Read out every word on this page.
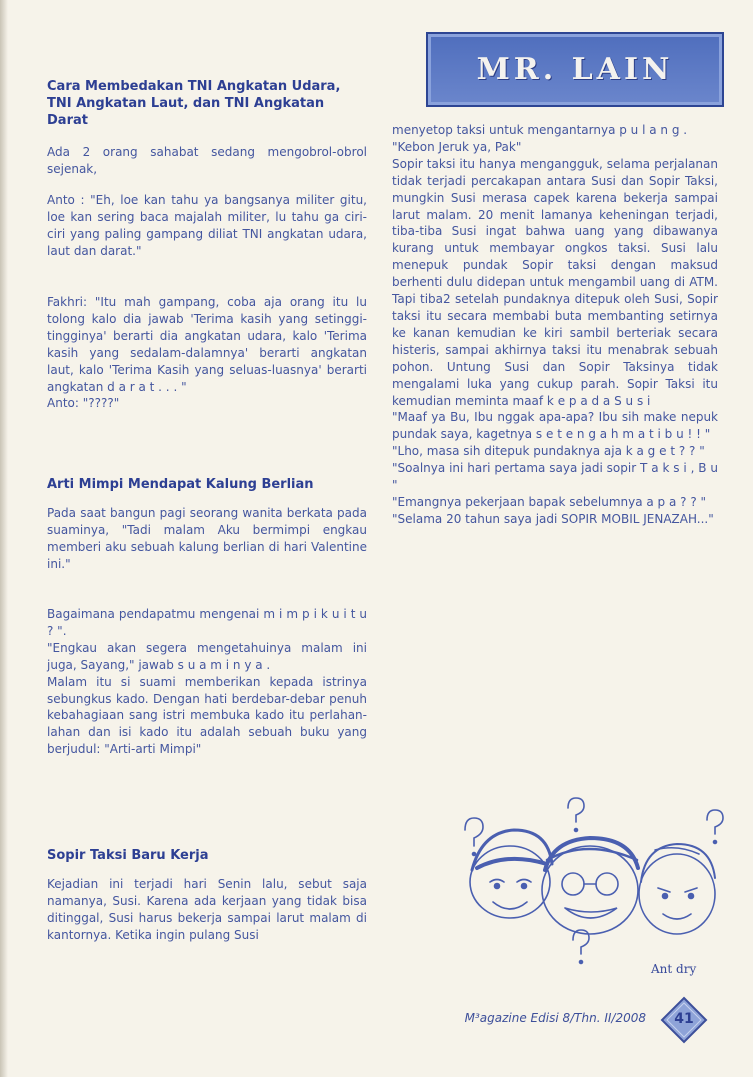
Cara Membedakan TNI Angkatan Udara, TNI Angkatan Laut, dan TNI Angkatan Darat

Ada 2 orang sahabat sedang mengobrol-obrol sejenak,

Anto : "Eh, loe kan tahu ya bangsanya militer gitu, loe kan sering baca majalah militer, lu tahu ga ciri-ciri yang paling gampang diliat TNI angkatan udara, laut dan darat."

Fakhri: "Itu mah gampang, coba aja orang itu lu tolong kalo dia jawab 'Terima kasih yang setinggi-tingginya' berarti dia angkatan udara, kalo 'Terima kasih yang sedalam-dalamnya' berarti angkatan laut, kalo 'Terima Kasih yang seluas-luasnya' berarti angkatan d a r a t . . . "
Anto: "????"

Arti Mimpi Mendapat Kalung Berlian

Pada saat bangun pagi seorang wanita berkata pada suaminya, "Tadi malam Aku bermimpi engkau memberi aku sebuah kalung berlian di hari Valentine ini."

Bagaimana pendapatmu mengenai m i m p i k u i t u ? ".
"Engkau akan segera mengetahuinya malam ini juga, Sayang," jawab s u a m i n y a .
Malam itu si suami memberikan kepada istrinya sebungkus kado. Dengan hati berdebar-debar penuh kebahagiaan sang istri membuka kado itu perlahan-lahan dan isi kado itu adalah sebuah buku yang berjudul: "Arti-arti Mimpi"

Sopir Taksi Baru Kerja

Kejadian ini terjadi hari Senin lalu, sebut saja namanya, Susi. Karena ada kerjaan yang tidak bisa ditinggal, Susi harus bekerja sampai larut malam di kantornya. Ketika ingin pulang Susi

MR. LAIN

menyetop taksi untuk mengantarnya p u l a n g .
"Kebon Jeruk ya, Pak"
Sopir taksi itu hanya mengangguk, selama perjalanan tidak terjadi percakapan antara Susi dan Sopir Taksi, mungkin Susi merasa capek karena bekerja sampai larut malam. 20 menit lamanya keheningan terjadi, tiba-tiba Susi ingat bahwa uang yang dibawanya kurang untuk membayar ongkos taksi. Susi lalu menepuk pundak Sopir taksi dengan maksud berhenti dulu didepan untuk mengambil uang di ATM. Tapi tiba2 setelah pundaknya ditepuk oleh Susi, Sopir taksi itu secara membabi buta membanting setirnya ke kanan kemudian ke kiri sambil berteriak secara histeris, sampai akhirnya taksi itu menabrak sebuah pohon. Untung Susi dan Sopir Taksinya tidak mengalami luka yang cukup parah. Sopir Taksi itu kemudian meminta maaf k e p a d a S u s i
"Maaf ya Bu, Ibu nggak apa-apa? Ibu sih make nepuk pundak saya, kagetnya s e t e n g a h m a t i b u ! ! "
"Lho, masa sih ditepuk pundaknya aja k a g e t ? ? "
"Soalnya ini hari pertama saya jadi sopir T a k s i , B u "
"Emangnya pekerjaan bapak sebelumnya a p a ? ? "
"Selama 20 tahun saya jadi SOPIR MOBIL JENAZAH..."

Ant dry
M³agazine Edisi 8/Thn. II/2008	41
